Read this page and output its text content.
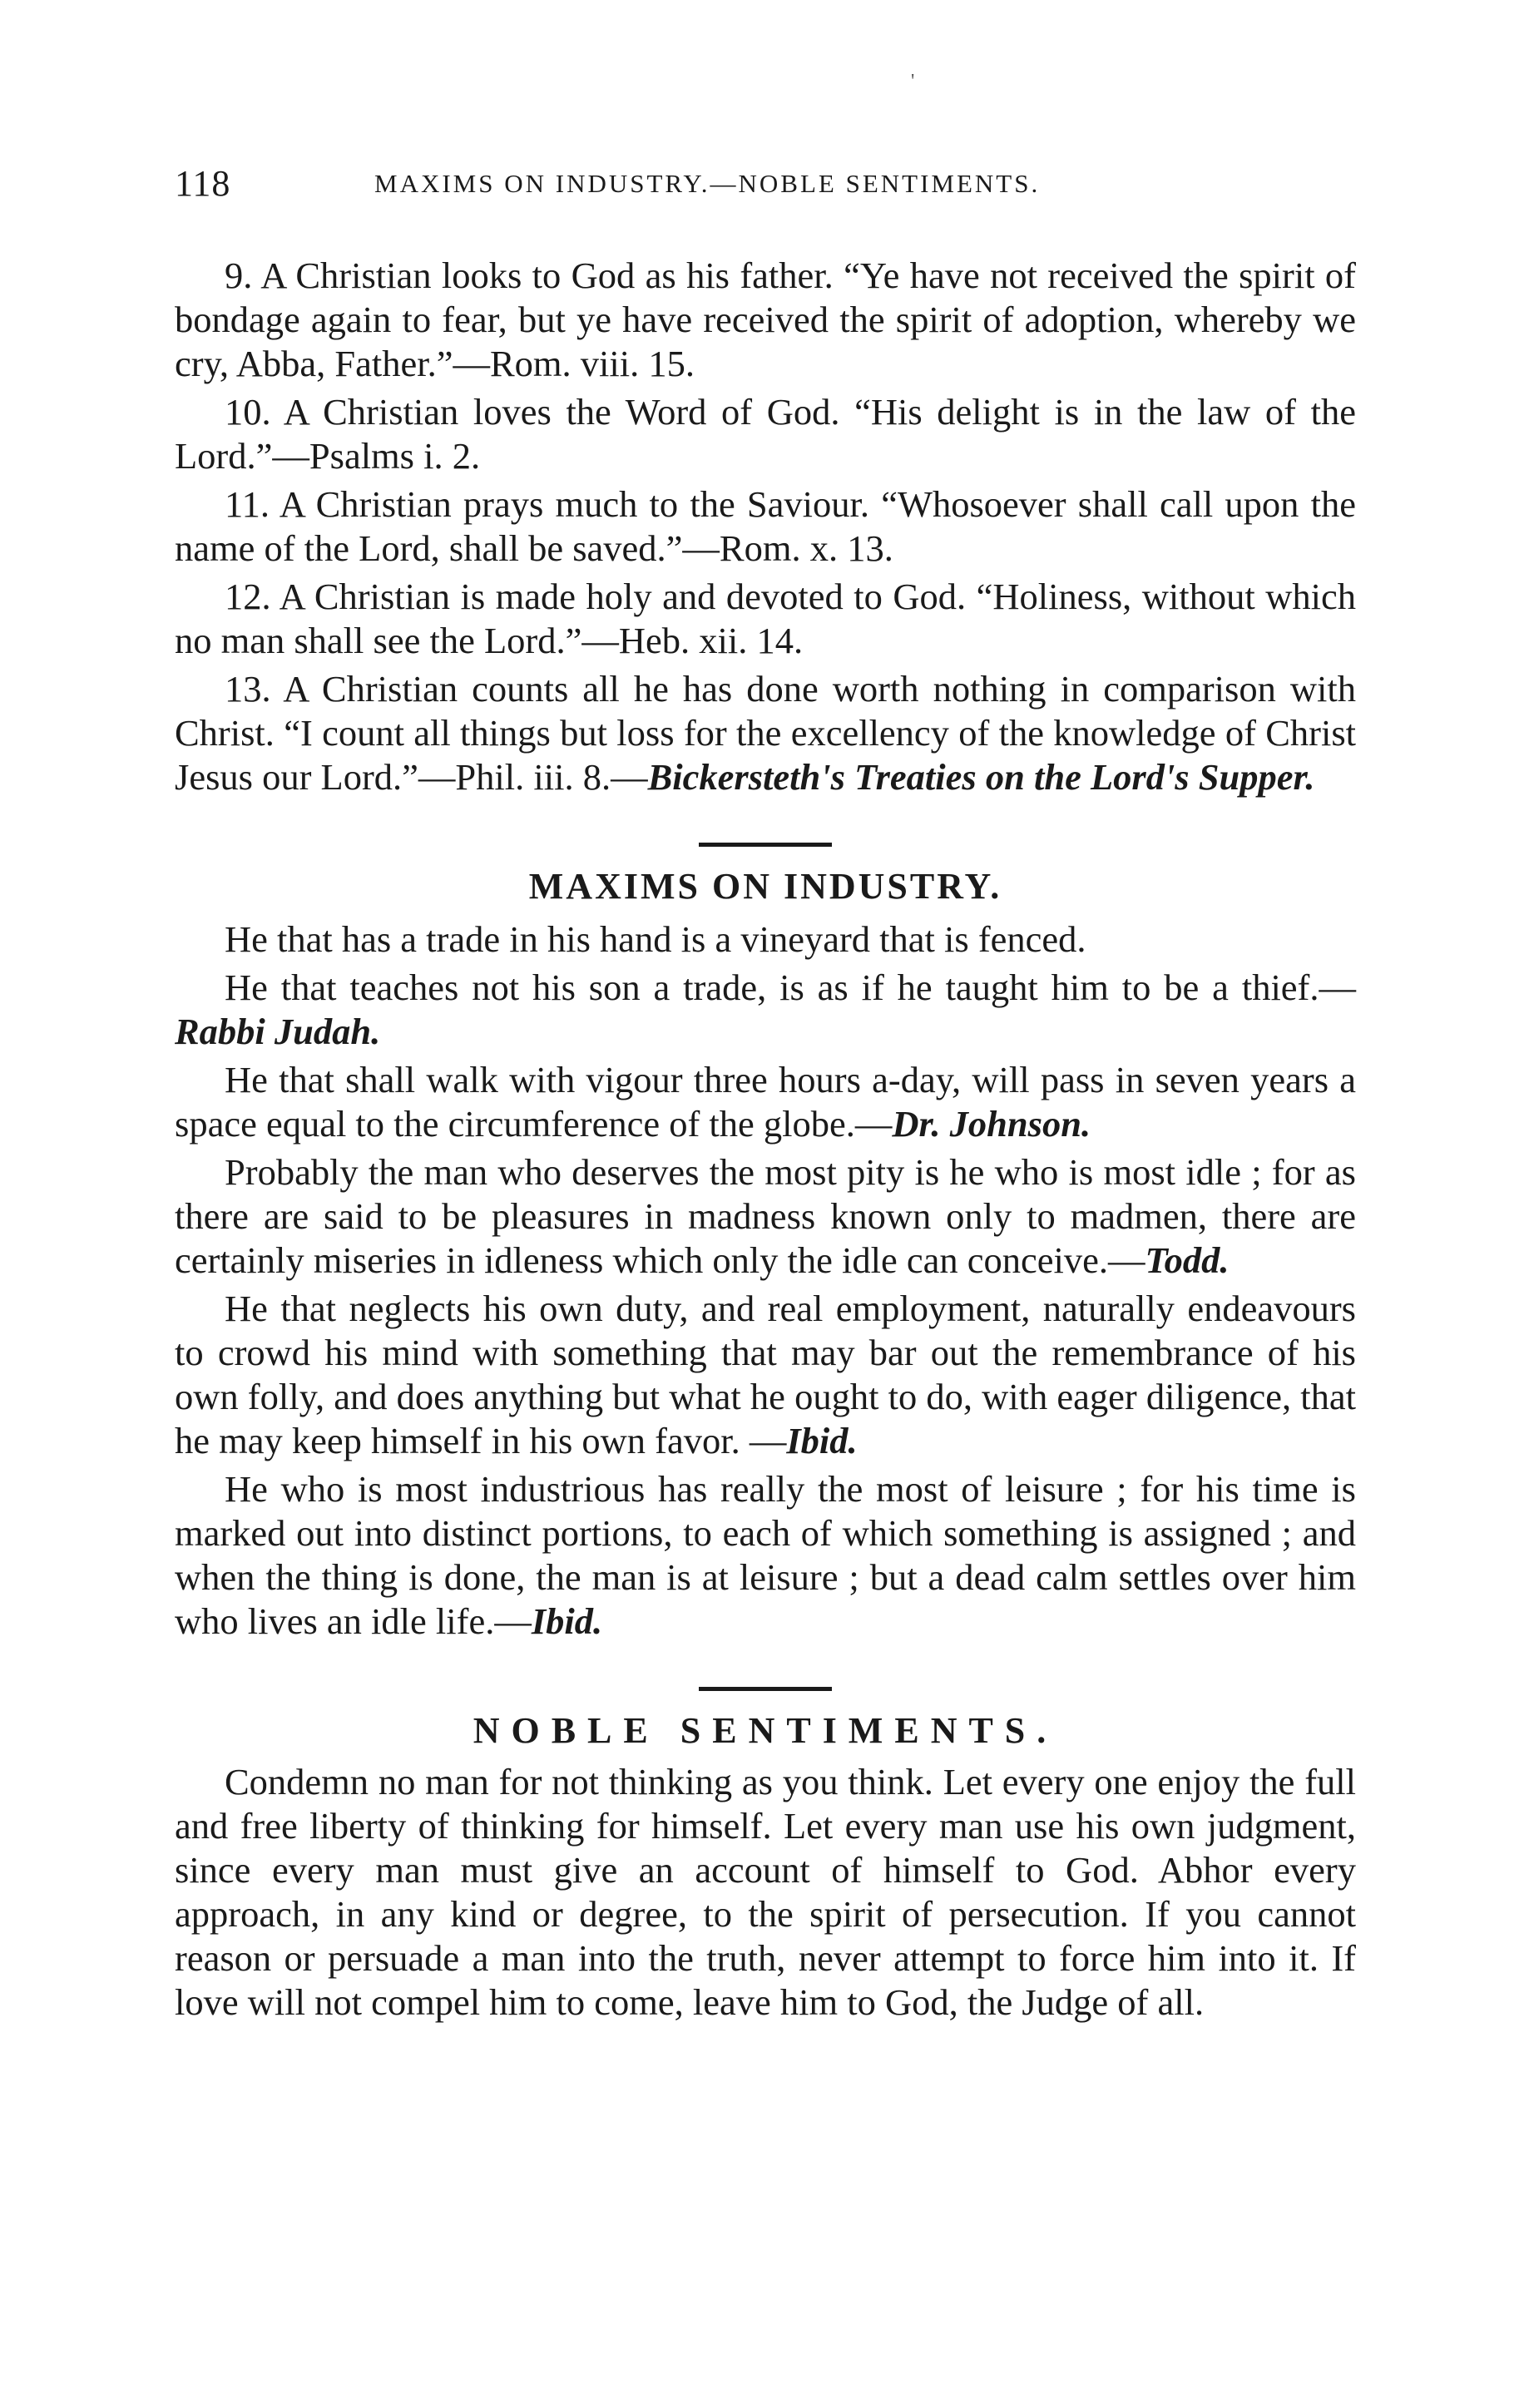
'
118	MAXIMS ON INDUSTRY.—NOBLE SENTIMENTS.

9. A Christian looks to God as his father. “Ye have not received the spirit of bondage again to fear, but ye have received the spirit of adoption, whereby we cry, Abba, Father.”—Rom. viii. 15.

10. A Christian loves the Word of God. “His delight is in the law of the Lord.”—Psalms i. 2.

11. A Christian prays much to the Saviour. “Whosoever shall call upon the name of the Lord, shall be saved.”—Rom. x. 13.

12. A Christian is made holy and devoted to God. “Holiness, without which no man shall see the Lord.”—Heb. xii. 14.

13. A Christian counts all he has done worth nothing in comparison with Christ. “I count all things but loss for the excellency of the knowledge of Christ Jesus our Lord.”—Phil. iii. 8.—Bickersteth's Treaties on the Lord's Supper.

MAXIMS ON INDUSTRY.

He that has a trade in his hand is a vineyard that is fenced.

He that teaches not his son a trade, is as if he taught him to be a thief.—Rabbi Judah.

He that shall walk with vigour three hours a-day, will pass in seven years a space equal to the circumference of the globe.—Dr. Johnson.

Probably the man who deserves the most pity is he who is most idle ; for as there are said to be pleasures in madness known only to madmen, there are certainly miseries in idleness which only the idle can conceive.—Todd.

He that neglects his own duty, and real employment, naturally endeavours to crowd his mind with something that may bar out the remembrance of his own folly, and does anything but what he ought to do, with eager diligence, that he may keep himself in his own favor. —Ibid.

He who is most industrious has really the most of leisure ; for his time is marked out into distinct portions, to each of which something is assigned ; and when the thing is done, the man is at leisure ; but a dead calm settles over him who lives an idle life.—Ibid.

NOBLE SENTIMENTS.

Condemn no man for not thinking as you think. Let every one enjoy the full and free liberty of thinking for himself. Let every man use his own judgment, since every man must give an account of himself to God. Abhor every approach, in any kind or degree, to the spirit of persecution. If you cannot reason or persuade a man into the truth, never attempt to force him into it. If love will not compel him to come, leave him to God, the Judge of all.
